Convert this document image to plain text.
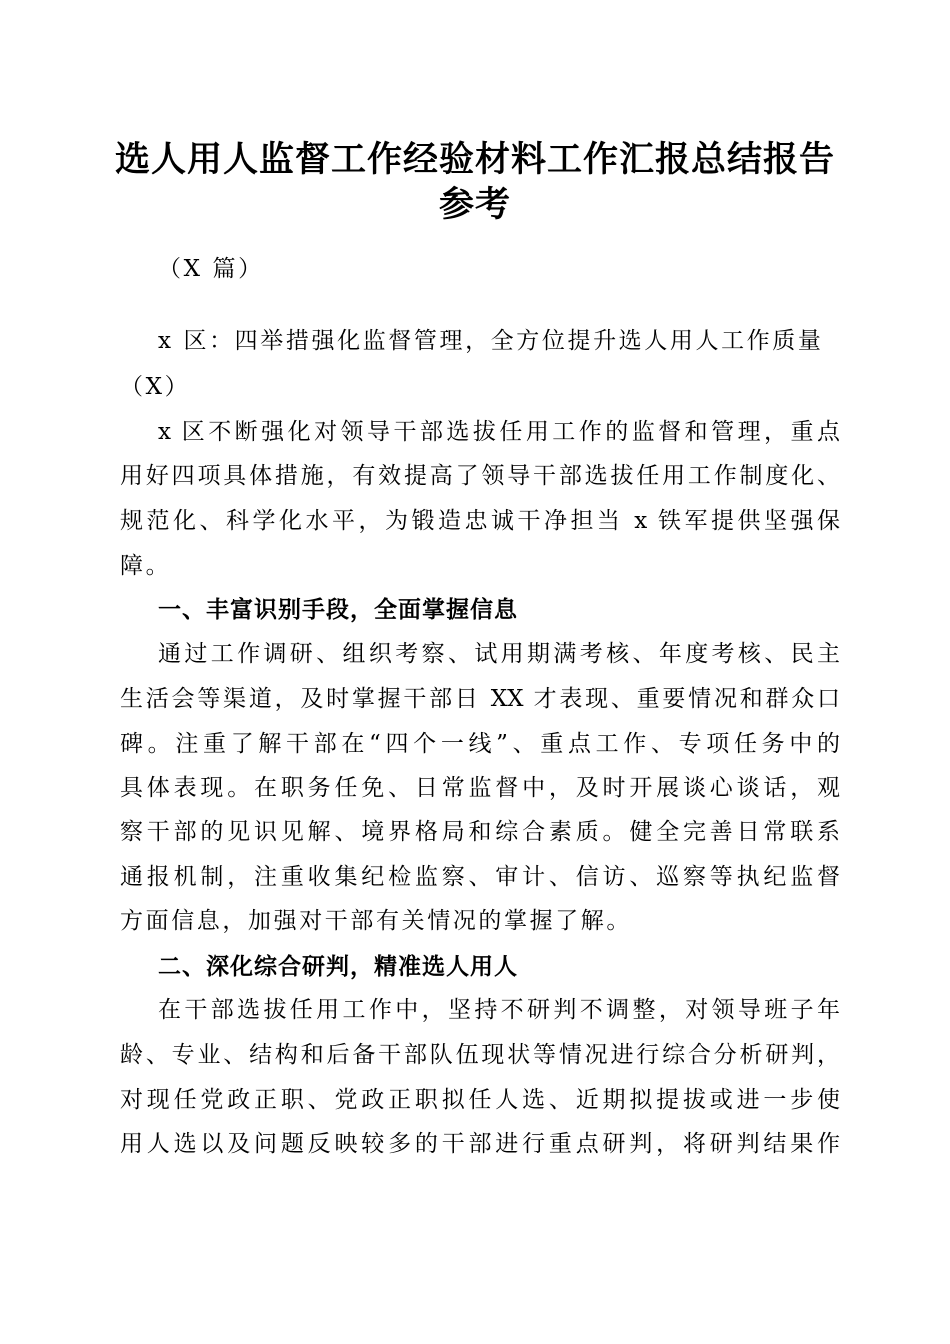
选人用人监督工作经验材料工作汇报总结报告
参考
（X 篇）
x 区：四举措强化监督管理，全方位提升选人用人工作质量
（X）
x 区不断强化对领导干部选拔任用工作的监督和管理，重点
用好四项具体措施，有效提高了领导干部选拔任用工作制度化、
规范化、科学化水平，为锻造忠诚干净担当 x 铁军提供坚强保
障。
一、丰富识别手段，全面掌握信息
通过工作调研、组织考察、试用期满考核、年度考核、民主
生活会等渠道，及时掌握干部日 XX 才表现、重要情况和群众口
碑。注重了解干部在“四个一线”、重点工作、专项任务中的
具体表现。在职务任免、日常监督中，及时开展谈心谈话，观
察干部的见识见解、境界格局和综合素质。健全完善日常联系
通报机制，注重收集纪检监察、审计、信访、巡察等执纪监督
方面信息，加强对干部有关情况的掌握了解。
二、深化综合研判，精准选人用人
在干部选拔任用工作中，坚持不研判不调整，对领导班子年
龄、专业、结构和后备干部队伍现状等情况进行综合分析研判，
对现任党政正职、党政正职拟任人选、近期拟提拔或进一步使
用人选以及问题反映较多的干部进行重点研判，将研判结果作
